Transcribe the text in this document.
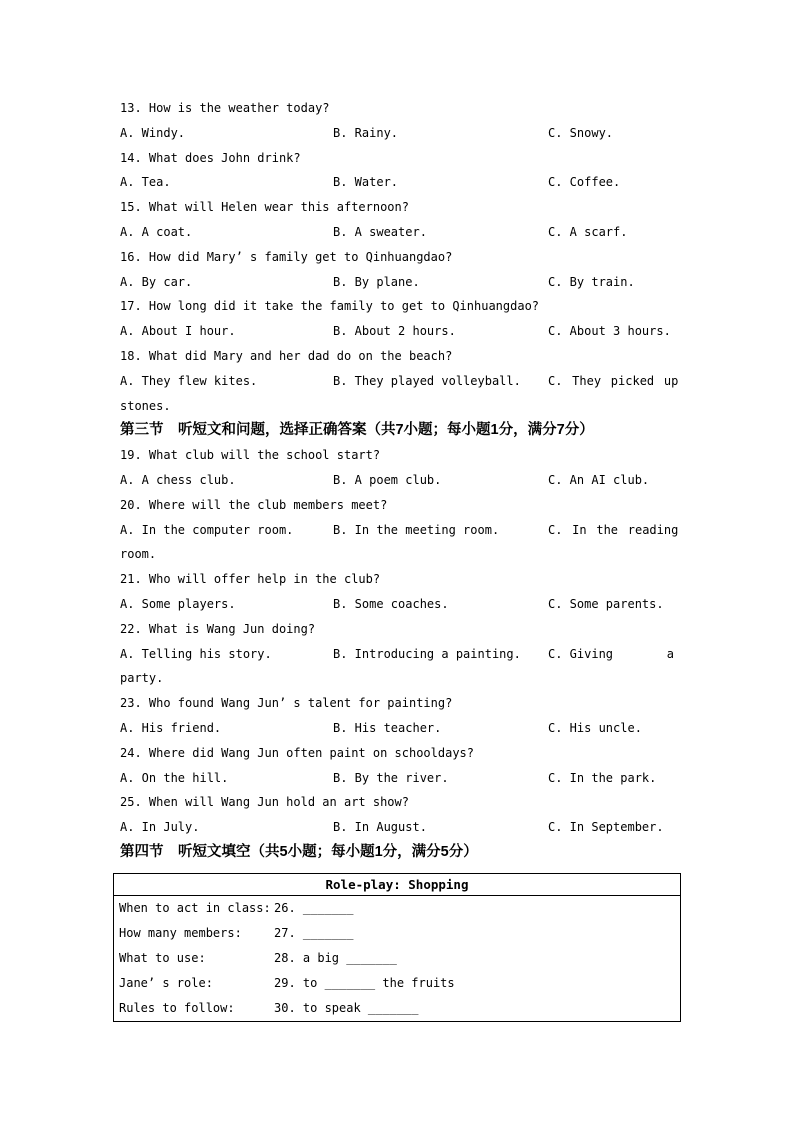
13. How is the weather today?

A. Windy.

	B. Rainy.

	C. Snowy.

14. What does John drink?

A. Tea.

	B. Water.

	C. Coffee.

15. What will Helen wear this afternoon?

A. A coat.

	B. A sweater.

	C. A scarf.

16. How did Mary’ s family get to Qinhuangdao?

A. By car.

	B. By plane.

	C. By train.

17. How long did it take the family to get to Qinhuangdao?

A. About I hour.

	B. About 2 hours.

	C. About 3 hours.

18. What did Mary and her dad do on the beach?

A. They flew kites.

	B. They played volleyball.

C. They picked up

stones.
第三节　听短文和问题，选择正确答案（共7小题；每小题1分，满分7分）
19. What club will the school start?

A. A chess club.

	B. A poem club.

	C. An AI club.

20. Where will the club members meet?

A. In the computer room.

	B. In the meeting room.

	C. In the reading

room.
21. Who will offer help in the club?

A. Some players.

	B. Some coaches.

	C. Some parents.

22. What is Wang Jun doing?

A. Telling his story.

	B. Introducing a painting.

C. Giving	a

party.
23. Who found Wang Jun’ s talent for painting?

A. His friend.

	B. His teacher.

	C. His uncle.

24. Where did Wang Jun often paint on schooldays?

A. On the hill.

	B. By the river.

	C. In the park.

25. When will Wang Jun hold an art show?

A. In July.

	B. In August.

	C. In September.

第四节　听短文填空（共5小题；每小题1分，满分5分）
Role-play: Shopping
When to act in class: 26. _______
How many members:	27. _______
What to use:	28. a big _______
Jane’ s role:	29. to _______ the fruits
Rules to follow:	30. to speak _______
